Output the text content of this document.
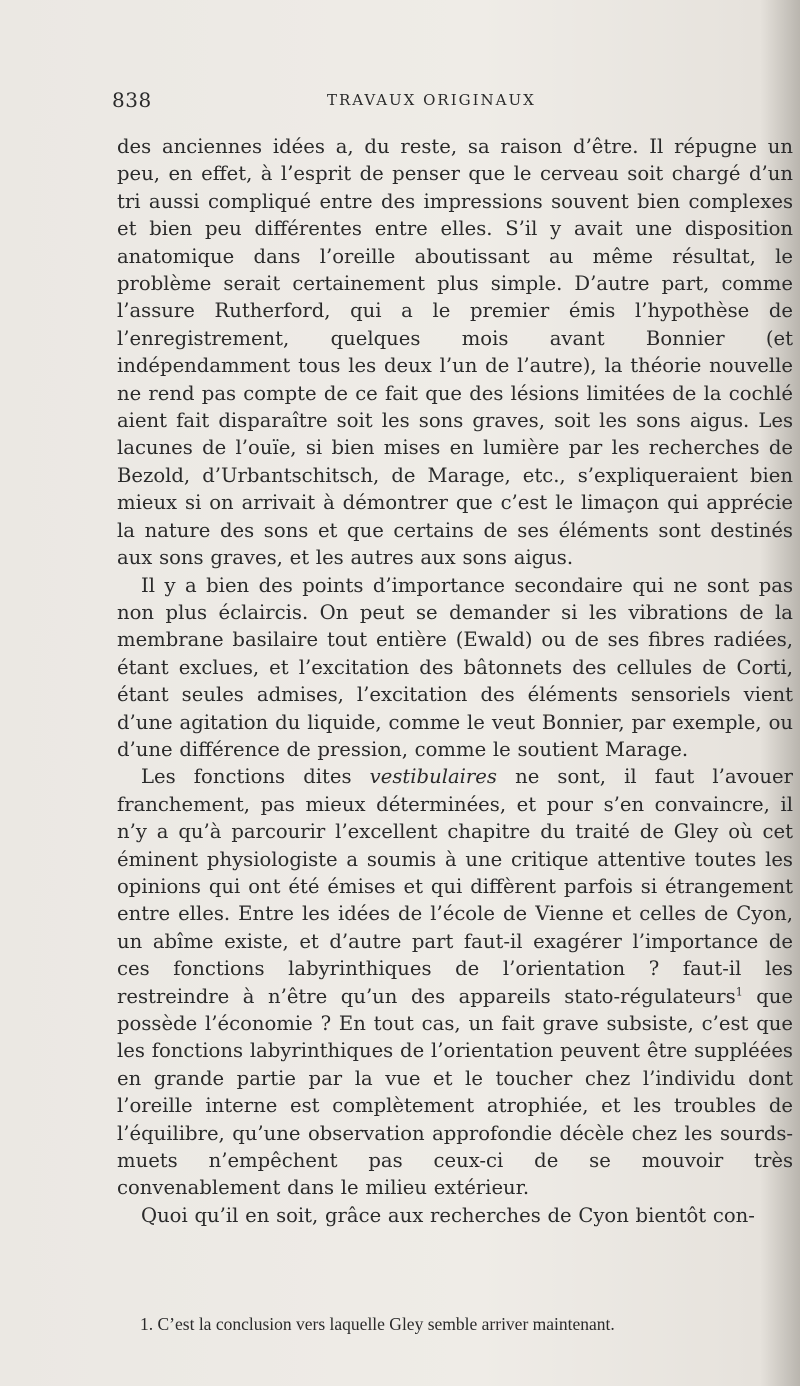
838	TRAVAUX ORIGINAUX

des anciennes idées a, du reste, sa raison d’être. Il répugne un peu, en effet, à l’esprit de penser que le cerveau soit chargé d’un tri aussi compliqué entre des impressions souvent bien complexes et bien peu différentes entre elles. S’il y avait une disposition anatomique dans l’oreille aboutissant au même résultat, le problème serait certainement plus simple. D’autre part, comme l’assure Rutherford, qui a le premier émis l’hypothèse de l’enregistrement, quelques mois avant Bonnier (et indépendamment tous les deux l’un de l’autre), la théorie nouvelle ne rend pas compte de ce fait que des lésions limitées de la cochlé aient fait disparaître soit les sons graves, soit les sons aigus. Les lacunes de l’ouïe, si bien mises en lumière par les recherches de Bezold, d’Urbantschitsch, de Marage, etc., s’expliqueraient bien mieux si on arrivait à démontrer que c’est le limaçon qui apprécie la nature des sons et que certains de ses éléments sont destinés aux sons graves, et les autres aux sons aigus.

Il y a bien des points d’importance secondaire qui ne sont pas non plus éclaircis. On peut se demander si les vibrations de la membrane basilaire tout entière (Ewald) ou de ses fibres radiées, étant exclues, et l’excitation des bâtonnets des cellules de Corti, étant seules admises, l’excitation des éléments sensoriels vient d’une agitation du liquide, comme le veut Bonnier, par exemple, ou d’une différence de pression, comme le soutient Marage.

Les fonctions dites vestibulaires ne sont, il faut l’avouer franchement, pas mieux déterminées, et pour s’en convaincre, il n’y a qu’à parcourir l’excellent chapitre du traité de Gley où cet éminent physiologiste a soumis à une critique attentive toutes les opinions qui ont été émises et qui diffèrent parfois si étrangement entre elles. Entre les idées de l’école de Vienne et celles de Cyon, un abîme existe, et d’autre part faut-il exagérer l’importance de ces fonctions labyrinthiques de l’orientation ? faut-il les restreindre à n’être qu’un des appareils stato-régulateurs$^1$ que possède l’économie ? En tout cas, un fait grave subsiste, c’est que les fonctions labyrinthiques de l’orientation peuvent être suppléées en grande partie par la vue et le toucher chez l’individu dont l’oreille interne est complètement atrophiée, et les troubles de l’équilibre, qu’une observation approfondie décèle chez les sourds-muets n’empêchent pas ceux-ci de se mouvoir très convenablement dans le milieu extérieur.

Quoi qu’il en soit, grâce aux recherches de Cyon bientôt con-

1. C’est la conclusion vers laquelle Gley semble arriver maintenant.
